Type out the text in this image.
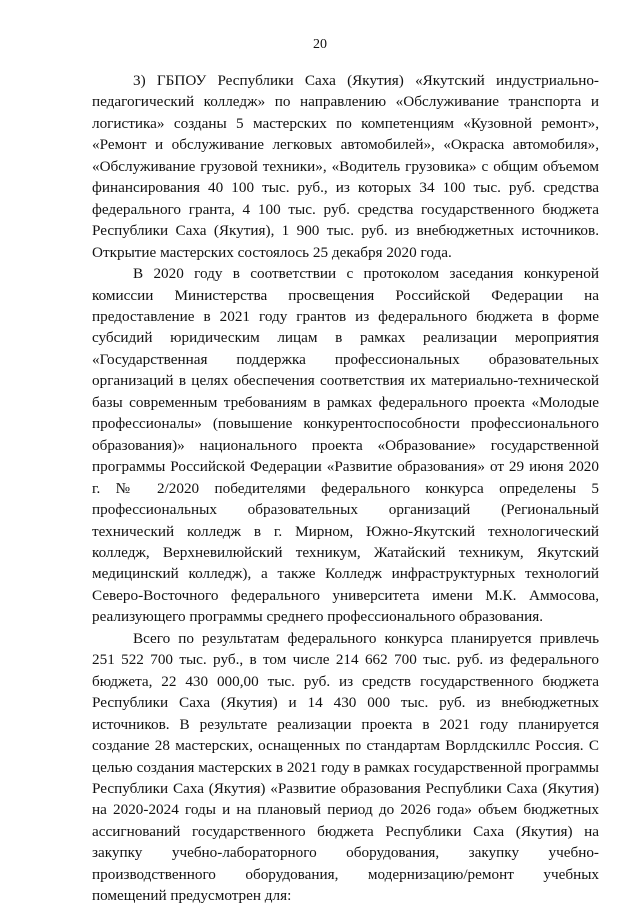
20

3) ГБПОУ Республики Саха (Якутия) «Якутский индустриально-педагогический колледж» по направлению «Обслуживание транспорта и логистика» созданы 5 мастерских по компетенциям «Кузовной ремонт», «Ремонт и обслуживание легковых автомобилей», «Окраска автомобиля», «Обслуживание грузовой техники», «Водитель грузовика» с общим объемом финансирования 40 100 тыс. руб., из которых 34 100 тыс. руб. средства федерального гранта, 4 100 тыс. руб. средства государственного бюджета Республики Саха (Якутия), 1 900 тыс. руб. из внебюджетных источников. Открытие мастерских состоялось 25 декабря 2020 года.

В 2020 году в соответствии с протоколом заседания конкуреной комиссии Министерства просвещения Российской Федерации на предоставление в 2021 году грантов из федерального бюджета в форме субсидий юридическим лицам в рамках реализации мероприятия «Государственная поддержка профессиональных образовательных организаций в целях обеспечения соответствия их материально-технической базы современным требованиям в рамках федерального проекта «Молодые профессионалы» (повышение конкурентоспособности профессионального образования)» национального проекта «Образование» государственной программы Российской Федерации «Развитие образования» от 29 июня 2020 г. № 2/2020 победителями федерального конкурса определены 5 профессиональных образовательных организаций (Региональный технический колледж в г. Мирном, Южно-Якутский технологический колледж, Верхневилюйский техникум, Жатайский техникум, Якутский медицинский колледж), а также Колледж инфраструктурных технологий Северо-Восточного федерального университета имени М.К. Аммосова, реализующего программы среднего профессионального образования.

Всего по результатам федерального конкурса планируется привлечь 251 522 700 тыс. руб., в том числе 214 662 700 тыс. руб. из федерального бюджета, 22 430 000,00 тыс. руб. из средств государственного бюджета Республики Саха (Якутия) и 14 430 000 тыс. руб. из внебюджетных источников. В результате реализации проекта в 2021 году планируется создание 28 мастерских, оснащенных по стандартам Ворлдскиллс Россия. С целью создания мастерских в 2021 году в рамках государственной программы Республики Саха (Якутия) «Развитие образования Республики Саха (Якутия) на 2020-2024 годы и на плановый период до 2026 года» объем бюджетных ассигнований государственного бюджета Республики Саха (Якутия) на закупку учебно-лабораторного оборудования, закупку учебно-производственного оборудования, модернизацию/ремонт учебных помещений предусмотрен для:
